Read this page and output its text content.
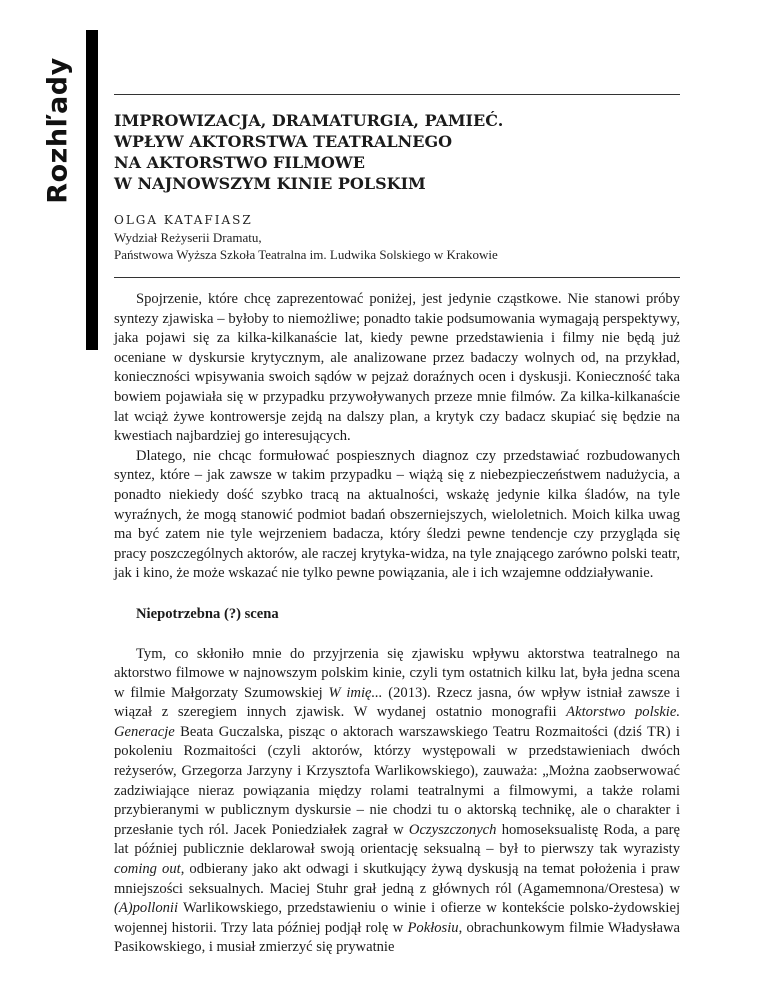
Rozhľady	IMPROWIZACJA, DRAMATURGIA, PAMIEĆ.
WPŁYW AKTORSTWA TEATRALNEGO
NA AKTORSTWO FILMOWE
W NAJNOWSZYM KINIE POLSKIM
OLGA KATAFIASZ
Wydział Reżyserii Dramatu,
Państwowa Wyższa Szkoła Teatralna im. Ludwika Solskiego w Krakowie

Spojrzenie, które chcę zaprezentować poniżej, jest jedynie cząstkowe. Nie stanowi próby syntezy zjawiska – byłoby to niemożliwe; ponadto takie podsumowania wymagają perspektywy, jaka pojawi się za kilka-kilkanaście lat, kiedy pewne przedstawienia i filmy nie będą już oceniane w dyskursie krytycznym, ale analizowane przez badaczy wolnych od, na przykład, konieczności wpisywania swoich sądów w pejzaż doraźnych ocen i dyskusji. Konieczność taka bowiem pojawiała się w przypadku przywoływanych przeze mnie filmów. Za kilka-kilkanaście lat wciąż żywe kontrowersje zejdą na dalszy plan, a krytyk czy badacz skupiać się będzie na kwestiach najbardziej go interesujących.

Dlatego, nie chcąc formułować pospiesznych diagnoz czy przedstawiać rozbudowanych syntez, które – jak zawsze w takim przypadku – wiążą się z niebezpieczeństwem nadużycia, a ponadto niekiedy dość szybko tracą na aktualności, wskażę jedynie kilka śladów, na tyle wyraźnych, że mogą stanowić podmiot badań obszerniejszych, wieloletnich. Moich kilka uwag ma być zatem nie tyle wejrzeniem badacza, który śledzi pewne tendencje czy przygląda się pracy poszczególnych aktorów, ale raczej krytyka-widza, na tyle znającego zarówno polski teatr, jak i kino, że może wskazać nie tylko pewne powiązania, ale i ich wzajemne oddziaływanie.

Niepotrzebna (?) scena

Tym, co skłoniło mnie do przyjrzenia się zjawisku wpływu aktorstwa teatralnego na aktorstwo filmowe w najnowszym polskim kinie, czyli tym ostatnich kilku lat, była jedna scena w filmie Małgorzaty Szumowskiej W imię... (2013). Rzecz jasna, ów wpływ istniał zawsze i wiązał z szeregiem innych zjawisk. W wydanej ostatnio monografii Aktorstwo polskie. Generacje Beata Guczalska, pisząc o aktorach warszawskiego Teatru Rozmaitości (dziś TR) i pokoleniu Rozmaitości (czyli aktorów, którzy występowali w przedstawieniach dwóch reżyserów, Grzegorza Jarzyny i Krzysztofa Warlikowskiego), zauważa: „Można zaobserwować zadziwiające nieraz powiązania między rolami teatralnymi a filmowymi, a także rolami przybieranymi w publicznym dyskursie – nie chodzi tu o aktorską technikę, ale o charakter i przesłanie tych ról. Jacek Poniedziałek zagrał w Oczyszczonych homoseksualistę Roda, a parę lat później publicznie deklarował swoją orientację seksualną – był to pierwszy tak wyrazisty coming out, odbierany jako akt odwagi i skutkujący żywą dyskusją na temat położenia i praw mniejszości seksualnych. Maciej Stuhr grał jedną z głównych ról (Agamemnona/Orestesa) w (A)pollonii Warlikowskiego, przedstawieniu o winie i ofierze w kontekście polsko-żydowskiej wojennej historii. Trzy lata później podjął rolę w Pokłosiu, obrachunkowym filmie Władysława Pasikowskiego, i musiał zmierzyć się prywatnie
